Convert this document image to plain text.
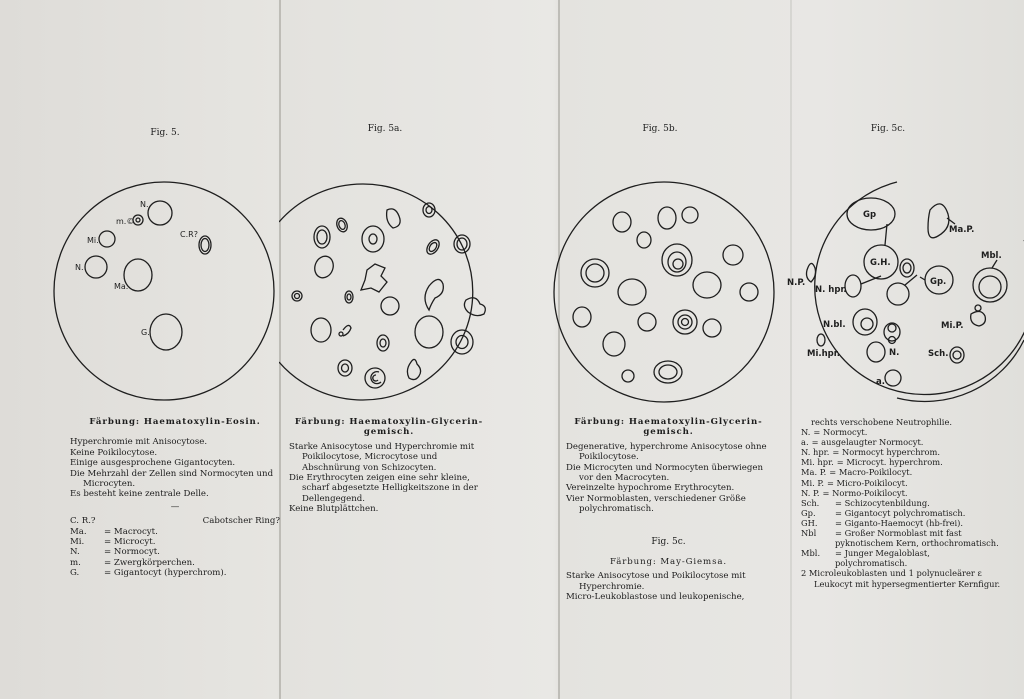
Fig. 5.
m.©
N.
Mi.
N.
C.R?
Ma.
G.

Färbung: Haematoxylin-Eosin.

Hyperchromie mit Anisocytose.

Keine Poikilocytose.

Einige ausgesprochene Gigantocyten.

Die Mehrzahl der Zellen sind Normocyten und Microcyten.

Es besteht keine zentrale Delle.

—

C. R.?	Cabotscher Ring?
Ma.	= Macrocyt.
Mi.	= Microcyt.
N.	= Normocyt.
m.	= Zwergkörperchen.
G.	= Gigantocyt (hyperchrom).
Fig. 5a.

Färbung: Haematoxylin-Glycerin-gemisch.

Starke Anisocytose und Hyperchromie mit Poikilocytose, Microcytose und Abschnürung von Schizocyten.

Die Erythrocyten zeigen eine sehr kleine, scharf abgesetzte Helligkeitszone in der Dellengegend.

Keine Blutplättchen.

Fig. 5b.

Färbung: Haematoxylin-Glycerin-gemisch.

Degenerative, hyperchrome Anisocytose ohne Poikilocytose.

Die Microcyten und Normocyten überwiegen vor den Macrocyten.

Vereinzelte hypochrome Erythrocyten.

Vier Normoblasten, verschiedener Größe polychromatisch.

Fig. 5c.

Färbung: May-Giemsa.

Starke Anisocytose und Poikilocytose mit Hyperchromie.

Micro-Leukoblastose und leukopenische,

Fig. 5c.
Gp
Ma.P.
Mbl.
G.H.
Gp.
N.P.
N. hpr.
N.bl.	Mi.P.
Mi.hpr.	N.	Sch.
a.

rechts verschobene Neutrophilie.

N. = Normocyt.
a. = ausgelaugter Normocyt.
N. hpr. = Normocyt hyperchrom.
Mi. hpr. = Microcyt. hyperchrom.
Ma. P. = Macro-Poikilocyt.
Mi. P. = Micro-Poikilocyt.
N. P. = Normo-Poikilocyt.
Sch.	= Schizocytenbildung.
Gp.	= Gigantocyt polychromatisch.
GH.	= Giganto-Haemocyt (hb-frei).
Nbl	= Großer Normoblast mit fast pyknotischem Kern, orthochromatisch.
Mbl.	= Junger Megaloblast, polychromatisch.

2 Microleukoblasten und 1 polynucleärer ε Leukocyt mit hypersegmentierter Kernfigur.
